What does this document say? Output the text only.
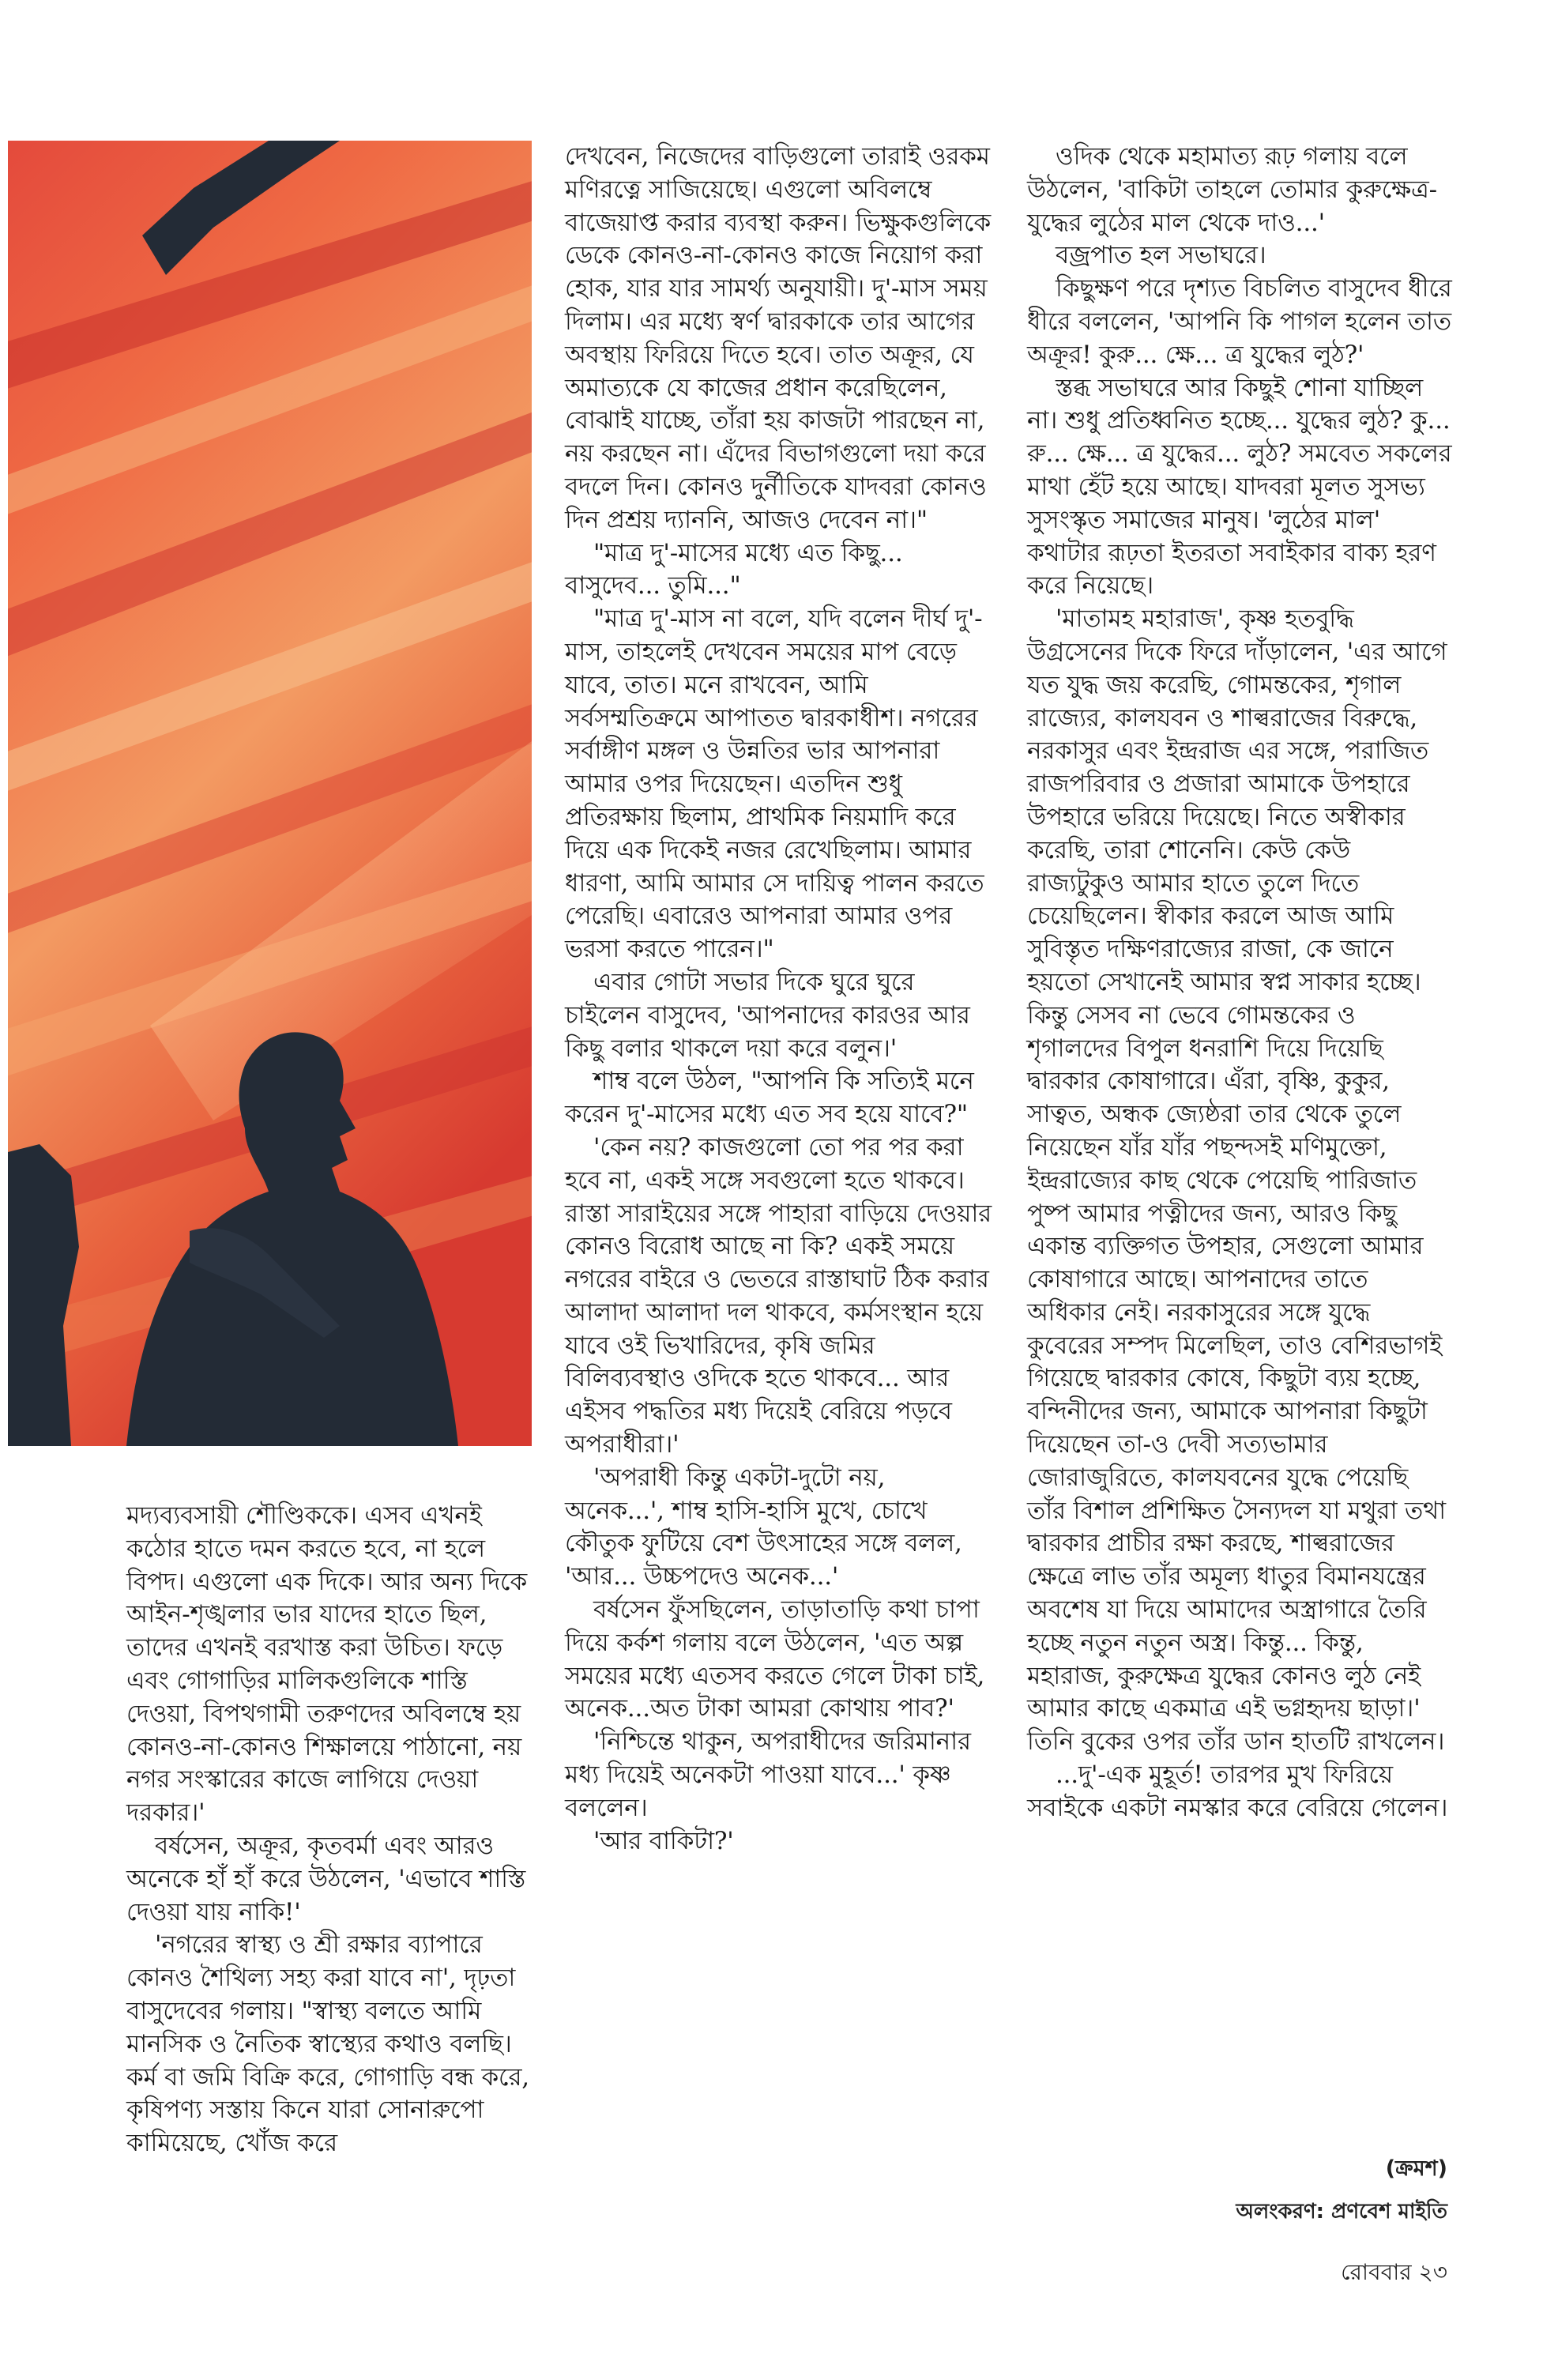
মদ্যব্যবসায়ী শৌণ্ডিককে। এসব এখনই কঠোর হাতে দমন করতে হবে, না হলে বিপদ। এগুলো এক দিকে। আর অন্য দিকে আইন-শৃঙ্খলার ভার যাদের হাতে ছিল, তাদের এখনই বরখাস্ত করা উচিত। ফড়ে এবং গোগাড়ির মালিকগুলিকে শাস্তি দেওয়া, বিপথগামী তরুণদের অবিলম্বে হয় কোনও-না-কোনও শিক্ষালয়ে পাঠানো, নয় নগর সংস্কারের কাজে লাগিয়ে দেওয়া দরকার।'

বর্ষসেন, অক্রূর, কৃতবর্মা এবং আরও অনেকে হাঁ হাঁ করে উঠলেন, 'এভাবে শাস্তি দেওয়া যায় নাকি!'

'নগরের স্বাস্থ্য ও শ্রী রক্ষার ব্যাপারে কোনও শৈথিল্য সহ্য করা যাবে না', দৃঢ়তা বাসুদেবের গলায়। "স্বাস্থ্য বলতে আমি মানসিক ও নৈতিক স্বাস্থ্যের কথাও বলছি। কর্ম বা জমি বিক্রি করে, গোগাড়ি বন্ধ করে, কৃষিপণ্য সস্তায় কিনে যারা সোনারুপো কামিয়েছে, খোঁজ করে

দেখবেন, নিজেদের বাড়িগুলো তারাই ওরকম মণিরত্নে সাজিয়েছে। এগুলো অবিলম্বে বাজেয়াপ্ত করার ব্যবস্থা করুন। ভিক্ষুকগুলিকে ডেকে কোনও-না-কোনও কাজে নিয়োগ করা হোক, যার যার সামর্থ্য অনুযায়ী। দু'-মাস সময় দিলাম। এর মধ্যে স্বর্ণ দ্বারকাকে তার আগের অবস্থায় ফিরিয়ে দিতে হবে। তাত অক্রূর, যে অমাত্যকে যে কাজের প্রধান করেছিলেন, বোঝাই যাচ্ছে, তাঁরা হয় কাজটা পারছেন না, নয় করছেন না। এঁদের বিভাগগুলো দয়া করে বদলে দিন। কোনও দুর্নীতিকে যাদবরা কোনও দিন প্রশ্রয় দ্যাননি, আজও দেবেন না।"

"মাত্র দু'-মাসের মধ্যে এত কিছু... বাসুদেব... তুমি..."

"মাত্র দু'-মাস না বলে, যদি বলেন দীর্ঘ দু'-মাস, তাহলেই দেখবেন সময়ের মাপ বেড়ে যাবে, তাত। মনে রাখবেন, আমি সর্বসম্মতিক্রমে আপাতত দ্বারকাধীশ। নগরের সর্বাঙ্গীণ মঙ্গল ও উন্নতির ভার আপনারা আমার ওপর দিয়েছেন। এতদিন শুধু প্রতিরক্ষায় ছিলাম, প্রাথমিক নিয়মাদি করে দিয়ে এক দিকেই নজর রেখেছিলাম। আমার ধারণা, আমি আমার সে দায়িত্ব পালন করতে পেরেছি। এবারেও আপনারা আমার ওপর ভরসা করতে পারেন।"

এবার গোটা সভার দিকে ঘুরে ঘুরে চাইলেন বাসুদেব, 'আপনাদের কারওর আর কিছু বলার থাকলে দয়া করে বলুন।'

শাম্ব বলে উঠল, "আপনি কি সত্যিই মনে করেন দু'-মাসের মধ্যে এত সব হয়ে যাবে?"

'কেন নয়? কাজগুলো তো পর পর করা হবে না, একই সঙ্গে সবগুলো হতে থাকবে। রাস্তা সারাইয়ের সঙ্গে পাহারা বাড়িয়ে দেওয়ার কোনও বিরোধ আছে না কি? একই সময়ে নগরের বাইরে ও ভেতরে রাস্তাঘাট ঠিক করার আলাদা আলাদা দল থাকবে, কর্মসংস্থান হয়ে যাবে ওই ভিখারিদের, কৃষি জমির বিলিব্যবস্থাও ওদিকে হতে থাকবে... আর এইসব পদ্ধতির মধ্য দিয়েই বেরিয়ে পড়বে অপরাধীরা।'

'অপরাধী কিন্তু একটা-দুটো নয়, অনেক...', শাম্ব হাসি-হাসি মুখে, চোখে কৌতুক ফুটিয়ে বেশ উৎসাহের সঙ্গে বলল, 'আর... উচ্চপদেও অনেক...'

বর্ষসেন ফুঁসছিলেন, তাড়াতাড়ি কথা চাপা দিয়ে কর্কশ গলায় বলে উঠলেন, 'এত অল্প সময়ের মধ্যে এতসব করতে গেলে টাকা চাই, অনেক...অত টাকা আমরা কোথায় পাব?'

'নিশ্চিন্তে থাকুন, অপরাধীদের জরিমানার মধ্য দিয়েই অনেকটা পাওয়া যাবে...' কৃষ্ণ বললেন।

'আর বাকিটা?'

ওদিক থেকে মহামাত্য রূঢ় গলায় বলে উঠলেন, 'বাকিটা তাহলে তোমার কুরুক্ষেত্র-যুদ্ধের লুঠের মাল থেকে দাও...'

বজ্রপাত হল সভাঘরে।

কিছুক্ষণ পরে দৃশ্যত বিচলিত বাসুদেব ধীরে ধীরে বললেন, 'আপনি কি পাগল হলেন তাত অক্রূর! কুরু... ক্ষে... ত্র যুদ্ধের লুঠ?'

স্তব্ধ সভাঘরে আর কিছুই শোনা যাচ্ছিল না। শুধু প্রতিধ্বনিত হচ্ছে... যুদ্ধের লুঠ? কু... রু... ক্ষে... ত্র যুদ্ধের... লুঠ? সমবেত সকলের মাথা হেঁট হয়ে আছে। যাদবরা মূলত সুসভ্য সুসংস্কৃত সমাজের মানুষ। 'লুঠের মাল' কথাটার রূঢ়তা ইতরতা সবাইকার বাক্য হরণ করে নিয়েছে।

'মাতামহ মহারাজ', কৃষ্ণ হতবুদ্ধি উগ্রসেনের দিকে ফিরে দাঁড়ালেন, 'এর আগে যত যুদ্ধ জয় করেছি, গোমন্তকের, শৃগাল রাজ্যের, কালযবন ও শাল্বরাজের বিরুদ্ধে, নরকাসুর এবং ইন্দ্ররাজ এর সঙ্গে, পরাজিত রাজপরিবার ও প্রজারা আমাকে উপহারে উপহারে ভরিয়ে দিয়েছে। নিতে অস্বীকার করেছি, তারা শোনেনি। কেউ কেউ রাজ্যটুকুও আমার হাতে তুলে দিতে চেয়েছিলেন। স্বীকার করলে আজ আমি সুবিস্তৃত দক্ষিণরাজ্যের রাজা, কে জানে হয়তো সেখানেই আমার স্বপ্ন সাকার হচ্ছে। কিন্তু সেসব না ভেবে গোমন্তকের ও শৃগালদের বিপুল ধনরাশি দিয়ে দিয়েছি দ্বারকার কোষাগারে। এঁরা, বৃষ্ণি, কুকুর, সাত্বত, অন্ধক জ্যেষ্ঠরা তার থেকে তুলে নিয়েছেন যাঁর যাঁর পছন্দসই মণিমুক্তো, ইন্দ্ররাজ্যের কাছ থেকে পেয়েছি পারিজাত পুষ্প আমার পত্নীদের জন্য, আরও কিছু একান্ত ব্যক্তিগত উপহার, সেগুলো আমার কোষাগারে আছে। আপনাদের তাতে অধিকার নেই। নরকাসুরের সঙ্গে যুদ্ধে কুবেরের সম্পদ মিলেছিল, তাও বেশিরভাগই গিয়েছে দ্বারকার কোষে, কিছুটা ব্যয় হচ্ছে, বন্দিনীদের জন্য, আমাকে আপনারা কিছুটা দিয়েছেন তা-ও দেবী সত্যভামার জোরাজুরিতে, কালযবনের যুদ্ধে পেয়েছি তাঁর বিশাল প্রশিক্ষিত সৈন্যদল যা মথুরা তথা দ্বারকার প্রাচীর রক্ষা করছে, শাল্বরাজের ক্ষেত্রে লাভ তাঁর অমূল্য ধাতুর বিমানযন্ত্রের অবশেষ যা দিয়ে আমাদের অস্ত্রাগারে তৈরি হচ্ছে নতুন নতুন অস্ত্র। কিন্তু... কিন্তু, মহারাজ, কুরুক্ষেত্র যুদ্ধের কোনও লুঠ নেই আমার কাছে একমাত্র এই ভগ্নহৃদয় ছাড়া।' তিনি বুকের ওপর তাঁর ডান হাতটি রাখলেন।

...দু'-এক মুহূর্ত! তারপর মুখ ফিরিয়ে সবাইকে একটা নমস্কার করে বেরিয়ে গেলেন।

(ক্রমশ)
অলংকরণ: প্রণবেশ মাইতি
রোববার ২৩
